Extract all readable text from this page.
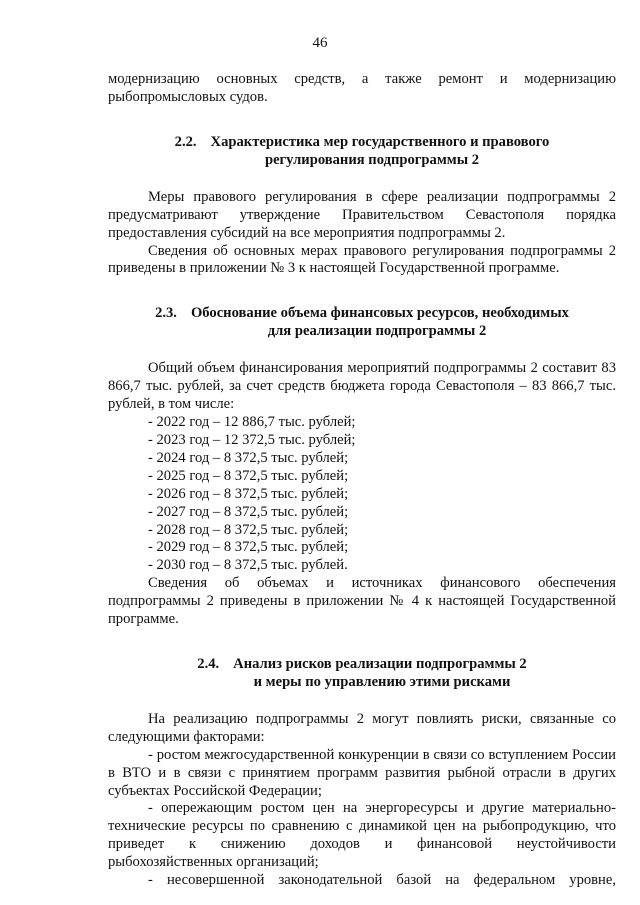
46

модернизацию основных средств, а также ремонт и модернизацию

рыбопромысловых судов.

2.2. Характеристика мер государственного и правового

регулирования подпрограммы 2

Меры правового регулирования в сфере реализации подпрограммы 2 предусматривают утверждение Правительством Севастополя порядка предоставления субсидий на все мероприятия подпрограммы 2.

Сведения об основных мерах правового регулирования подпрограммы 2 приведены в приложении № 3 к настоящей Государственной программе.

2.3. Обоснование объема финансовых ресурсов, необходимых

для реализации подпрограммы 2

Общий объем финансирования мероприятий подпрограммы 2 составит 83 866,7 тыс. рублей, за счет средств бюджета города Севастополя – 83 866,7 тыс. рублей, в том числе:

- 2022 год – 12 886,7 тыс. рублей;

- 2023 год – 12 372,5 тыс. рублей;

- 2024 год – 8 372,5 тыс. рублей;

- 2025 год – 8 372,5 тыс. рублей;

- 2026 год – 8 372,5 тыс. рублей;

- 2027 год – 8 372,5 тыс. рублей;

- 2028 год – 8 372,5 тыс. рублей;

- 2029 год – 8 372,5 тыс. рублей;

- 2030 год – 8 372,5 тыс. рублей.

Сведения об объемах и источниках финансового обеспечения подпрограммы 2 приведены в приложении № 4 к настоящей Государственной программе.

2.4. Анализ рисков реализации подпрограммы 2

и меры по управлению этими рисками

На реализацию подпрограммы 2 могут повлиять риски, связанные со следующими факторами:

- ростом межгосударственной конкуренции в связи со вступлением России в ВТО и в связи с принятием программ развития рыбной отрасли в других субъектах Российской Федерации;

- опережающим ростом цен на энергоресурсы и другие материально-технические ресурсы по сравнению с динамикой цен на рыбопродукцию, что приведет к снижению доходов и финансовой неустойчивости рыбохозяйственных организаций;

- несовершенной законодательной базой на федеральном уровне,
